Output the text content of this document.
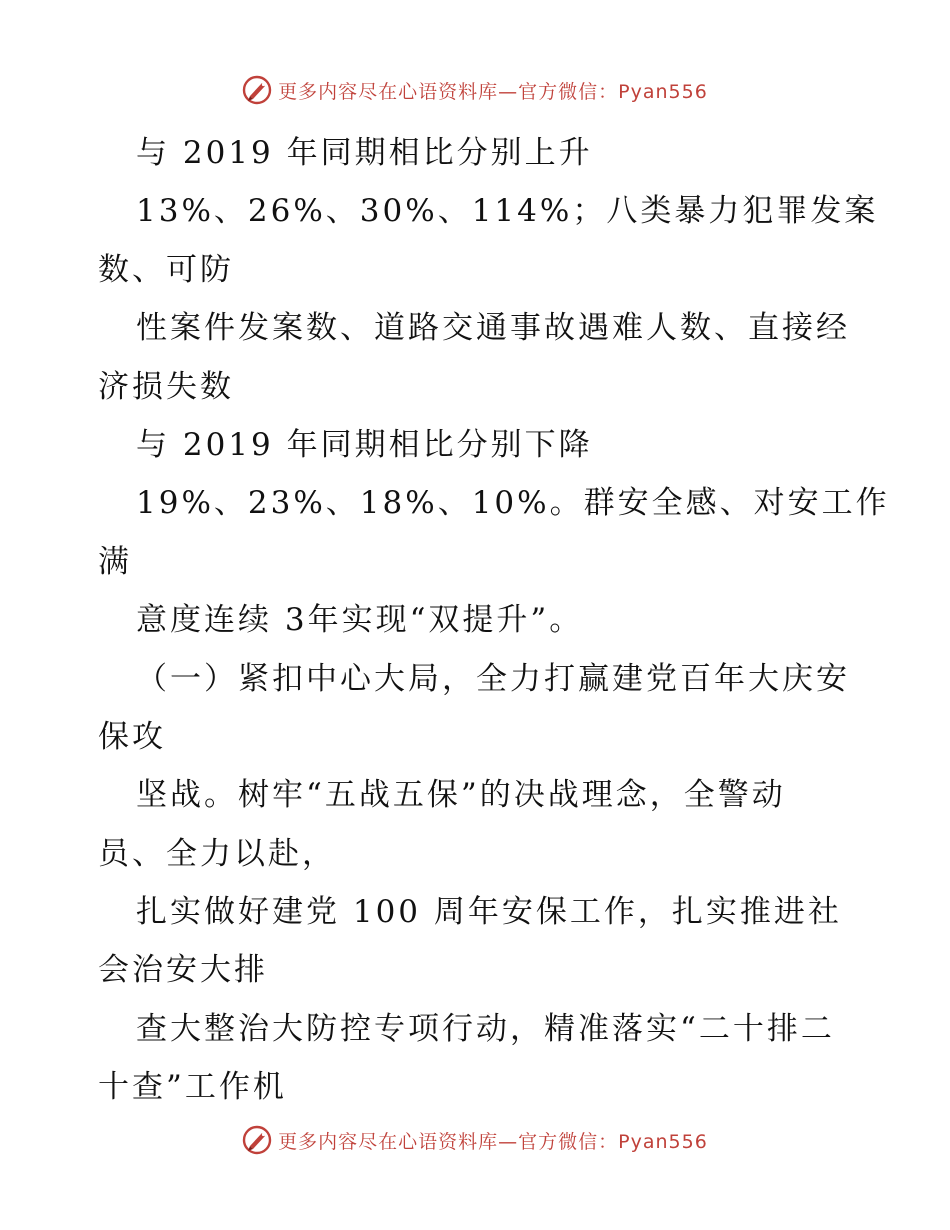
更多内容尽在心语资料库—官方微信：Pyan556
与 2019 年同期相比分别上升
13%、26%、30%、114%；八类暴力犯罪发案
数、可防
性案件发案数、道路交通事故遇难人数、直接经
济损失数
与 2019 年同期相比分别下降
19%、23%、18%、10%。群安全感、对安工作
满
意度连续 3年实现“双提升”。
（一）紧扣中心大局，全力打赢建党百年大庆安
保攻
坚战。树牢“五战五保”的决战理念，全警动
员、全力以赴，
扎实做好建党 100 周年安保工作，扎实推进社
会治安大排
查大整治大防控专项行动，精准落实“二十排二
十查”工作机
更多内容尽在心语资料库—官方微信：Pyan556
